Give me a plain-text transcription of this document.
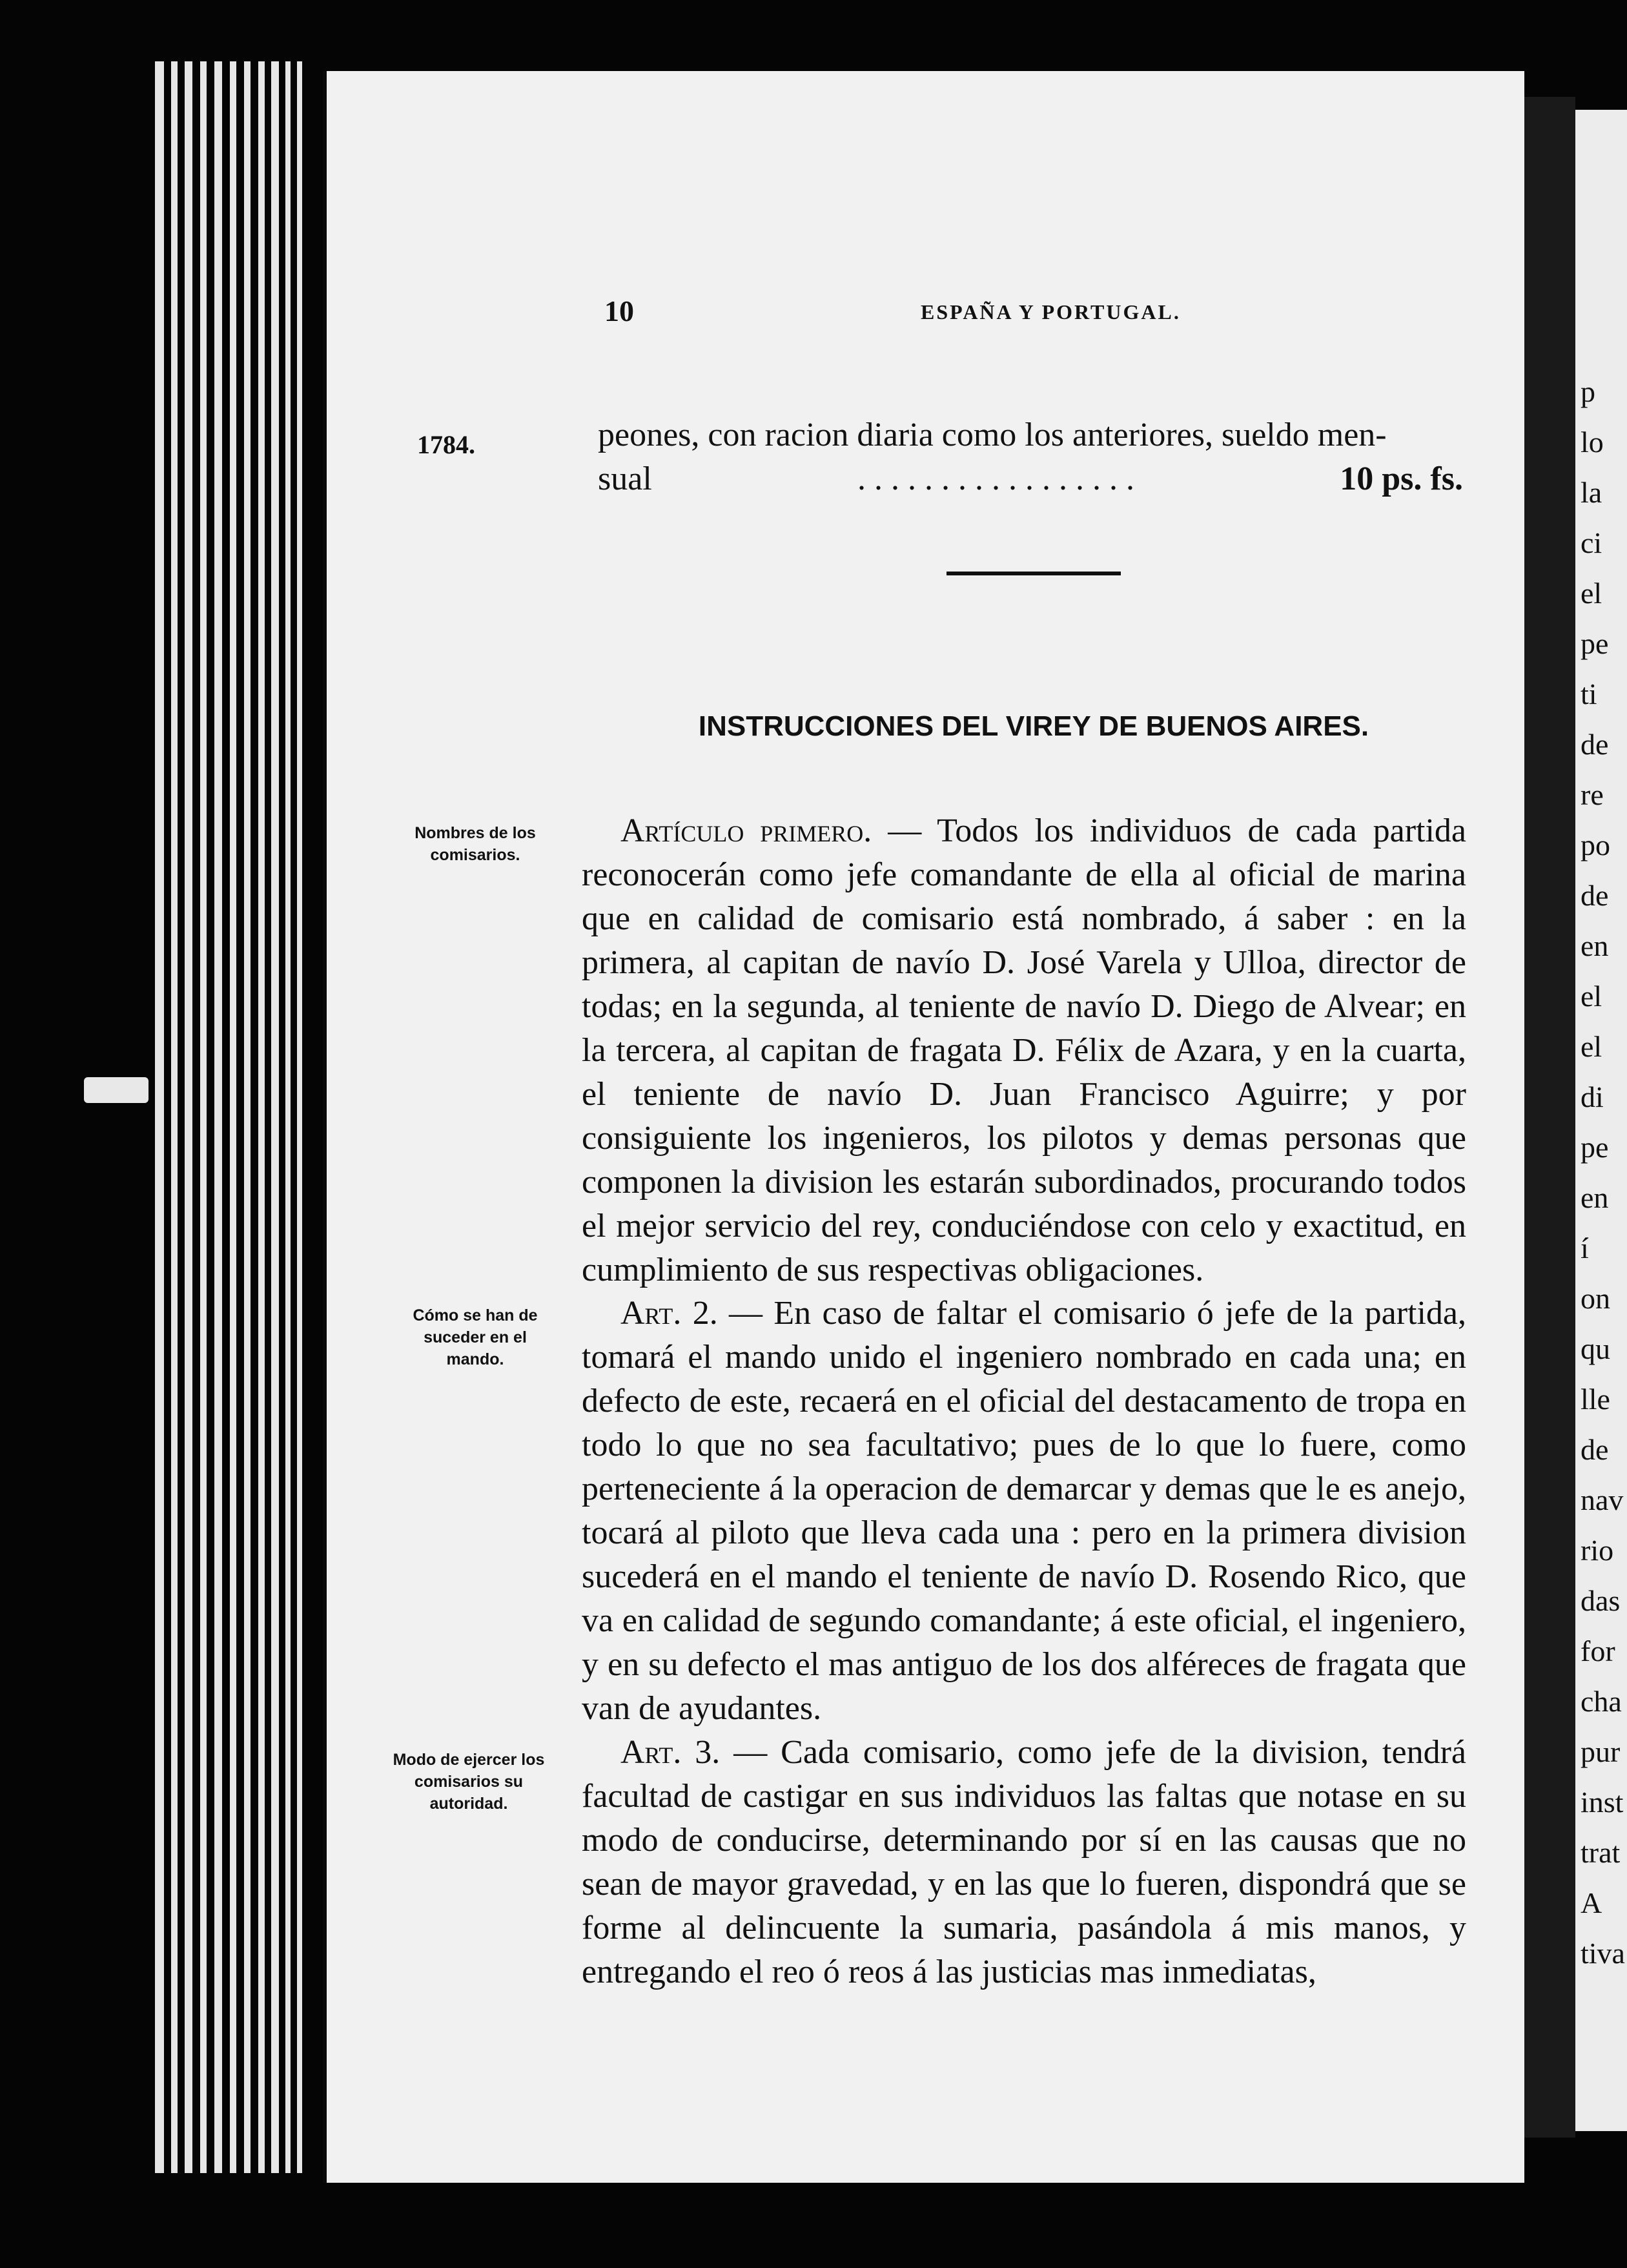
p
lo
la
ci
el
pe
ti
de
re
po
de
en
el
el
di
pe
en
í
on
qu
lle
de
nav
rio
das
for
cha
pur
inst
trat
A
tiva
10	ESPAÑA Y PORTUGAL.
1784.	peones, con racion diaria como los anteriores, sueldo men-
sual	. . . . . . . . . . . . . . . . .	10 ps. fs.
INSTRUCCIONES DEL VIREY DE BUENOS AIRES.
Nombres de los comisarios.
Artículo primero. — Todos los individuos de cada partida reconocerán como jefe comandante de ella al oficial de marina que en calidad de comisario está nombrado, á saber : en la primera, al capitan de navío D. José Varela y Ulloa, director de todas; en la segunda, al teniente de navío D. Diego de Alvear; en la tercera, al capitan de fragata D. Félix de Azara, y en la cuarta, el teniente de navío D. Juan Francisco Aguirre; y por consiguiente los ingenieros, los pilotos y demas personas que componen la division les estarán subordinados, procurando todos el mejor servicio del rey, conduciéndose con celo y exactitud, en cumplimiento de sus respectivas obligaciones.
Cómo se han de suceder en el mando.
Art. 2. — En caso de faltar el comisario ó jefe de la partida, tomará el mando unido el ingeniero nombrado en cada una; en defecto de este, recaerá en el oficial del destacamento de tropa en todo lo que no sea facultativo; pues de lo que lo fuere, como perteneciente á la operacion de demarcar y demas que le es anejo, tocará al piloto que lleva cada una : pero en la primera division sucederá en el mando el teniente de navío D. Rosendo Rico, que va en calidad de segundo comandante; á este oficial, el ingeniero, y en su defecto el mas antiguo de los dos alféreces de fragata que van de ayudantes.
Modo de ejercer los comisarios su autoridad.
Art. 3. — Cada comisario, como jefe de la division, tendrá facultad de castigar en sus individuos las faltas que notase en su modo de conducirse, determinando por sí en las causas que no sean de mayor gravedad, y en las que lo fueren, dispondrá que se forme al delincuente la sumaria, pasándola á mis manos, y entregando el reo ó reos á las justicias mas inmediatas,
